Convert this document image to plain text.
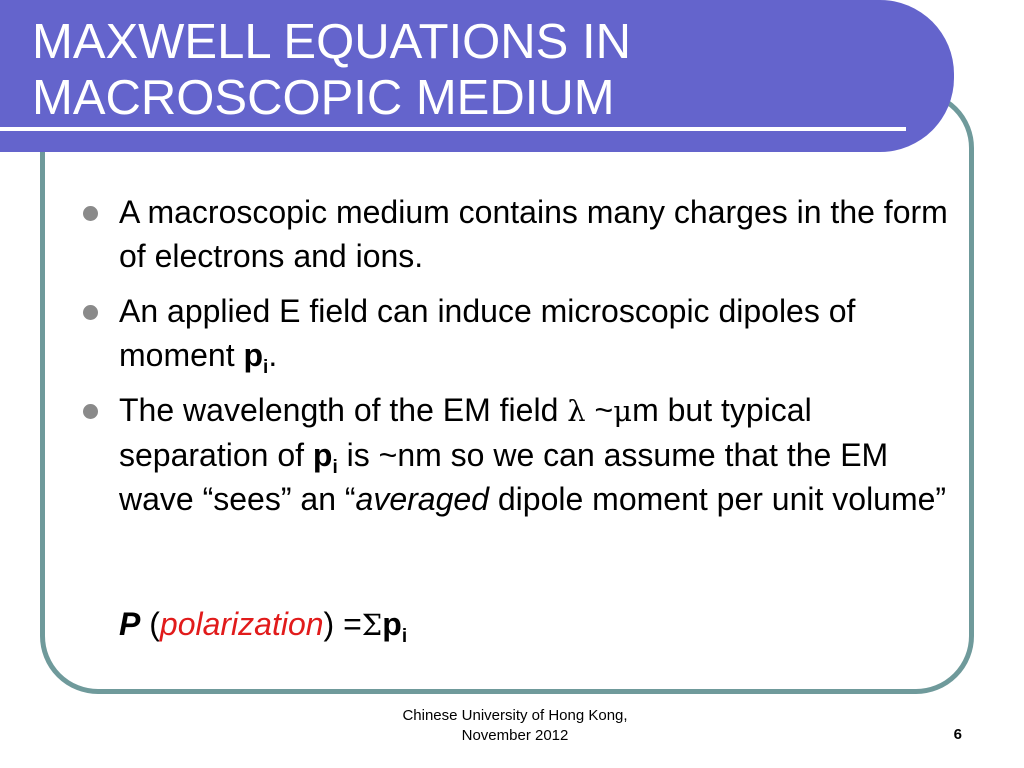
MAXWELL EQUATIONS IN
MACROSCOPIC MEDIUM
A macroscopic medium contains many charges in the form of electrons and ions.
An applied E field can induce microscopic dipoles of moment $p_i$.
The wavelength of the EM field λ ~μm but typical separation of $p_i$ is ~nm so we can assume that the EM wave “sees” an “averaged dipole moment per unit volume”
P (polarization) $=\Sigma p_i$
Chinese University of Hong Kong,
November 2012	6
